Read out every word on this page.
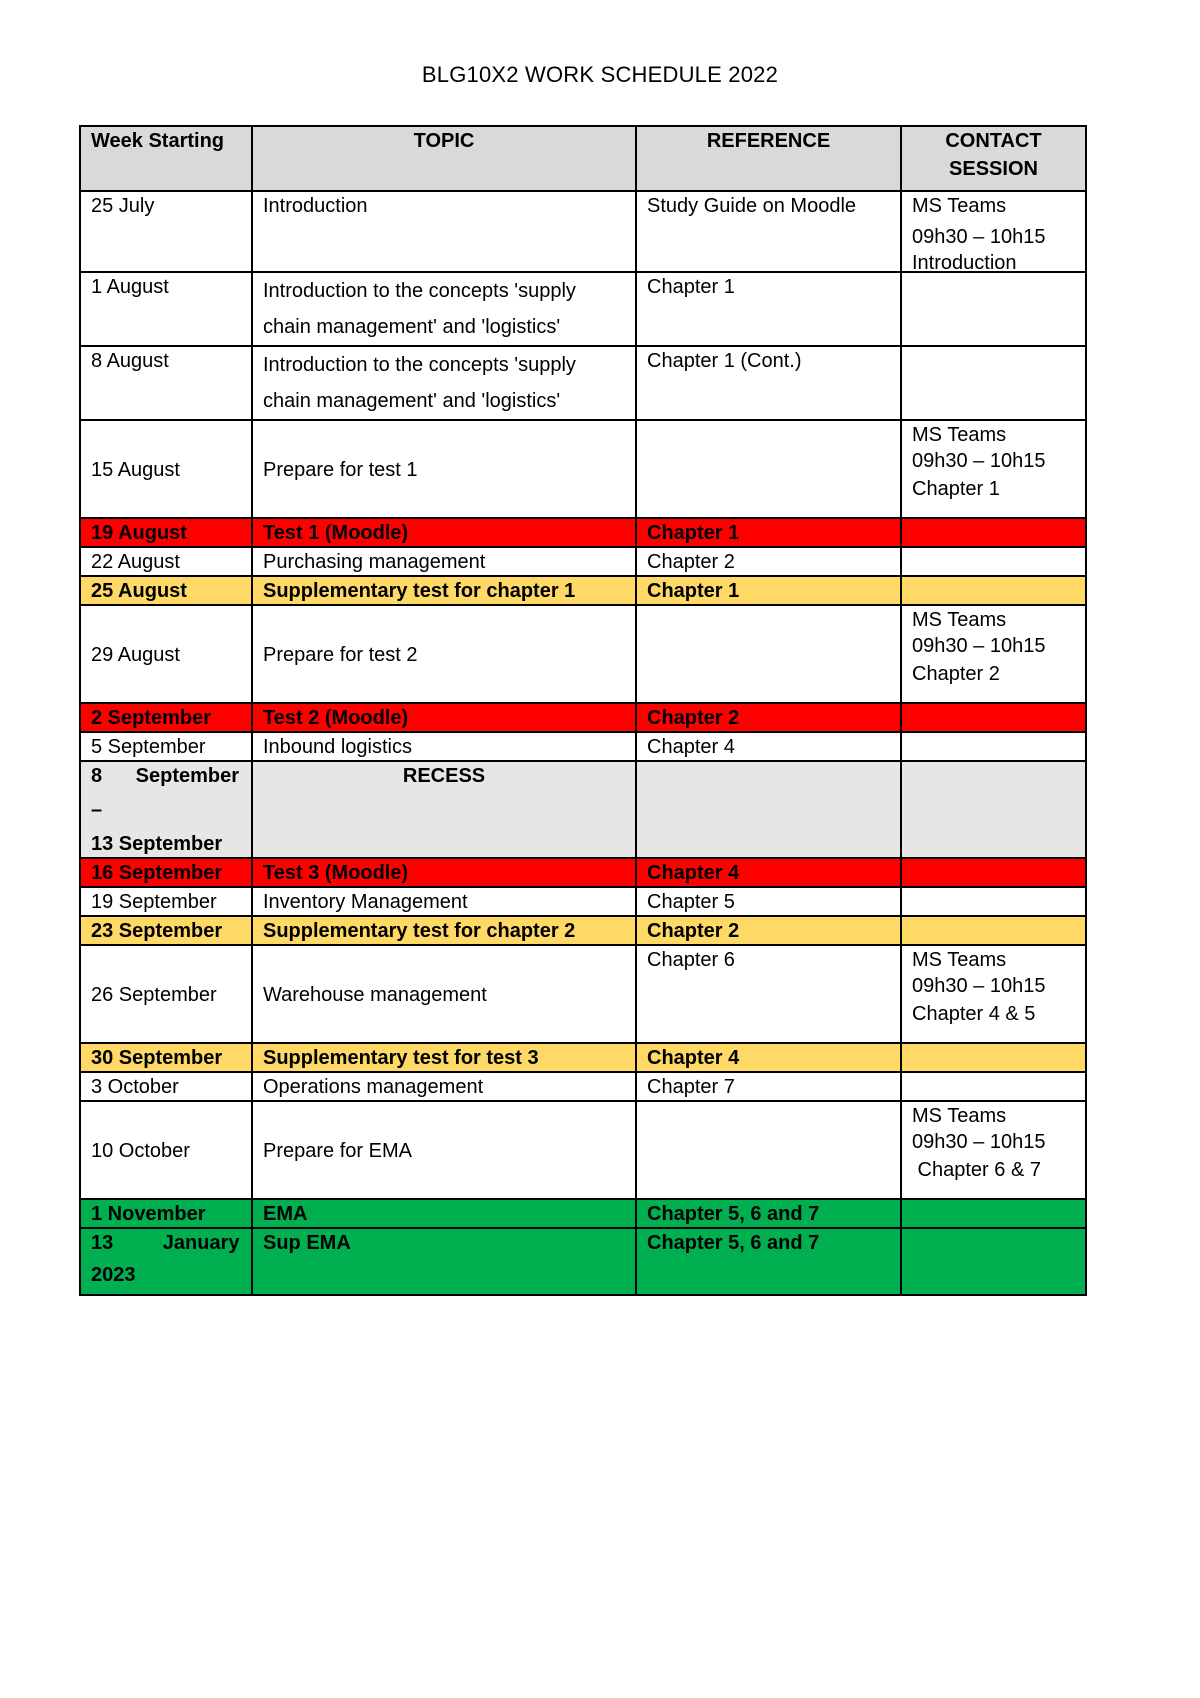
BLG10X2 WORK SCHEDULE 2022
Week Starting	TOPIC	REFERENCE	CONTACT
SESSION

25 July	Introduction	Study Guide on Moodle	MS Teams
09h30 – 10h15
Introduction

1 August	Introduction to the concepts 'supply chain management' and 'logistics'	Chapter 1	
8 August	Introduction to the concepts 'supply chain management' and 'logistics'	Chapter 1 (Cont.)	
15 August	Prepare for test 1		MS Teams
09h30 – 10h15
Chapter 1

19 August	Test 1 (Moodle)	Chapter 1	
22 August	Purchasing management	Chapter 2	
25 August	Supplementary test for chapter 1	Chapter 1	
29 August	Prepare for test 2		MS Teams
09h30 – 10h15
Chapter 2

2 September	Test 2 (Moodle)	Chapter 2	
5 September	Inbound logistics	Chapter 4	

8 September
–
13 September	RECESS		
16 September	Test 3 (Moodle)	Chapter 4	
19 September	Inventory Management	Chapter 5	
23 September	Supplementary test for chapter 2	Chapter 2	
26 September	Warehouse management	Chapter 6	MS Teams
09h30 – 10h15
Chapter 4 & 5

30 September	Supplementary test for test 3	Chapter 4	
3 October	Operations management	Chapter 7	
10 October	Prepare for EMA		MS Teams
09h30 – 10h15
Chapter 6 & 7

1 November	EMA	Chapter 5, 6 and 7	

13 January
2023	Sup EMA	Chapter 5, 6 and 7	
